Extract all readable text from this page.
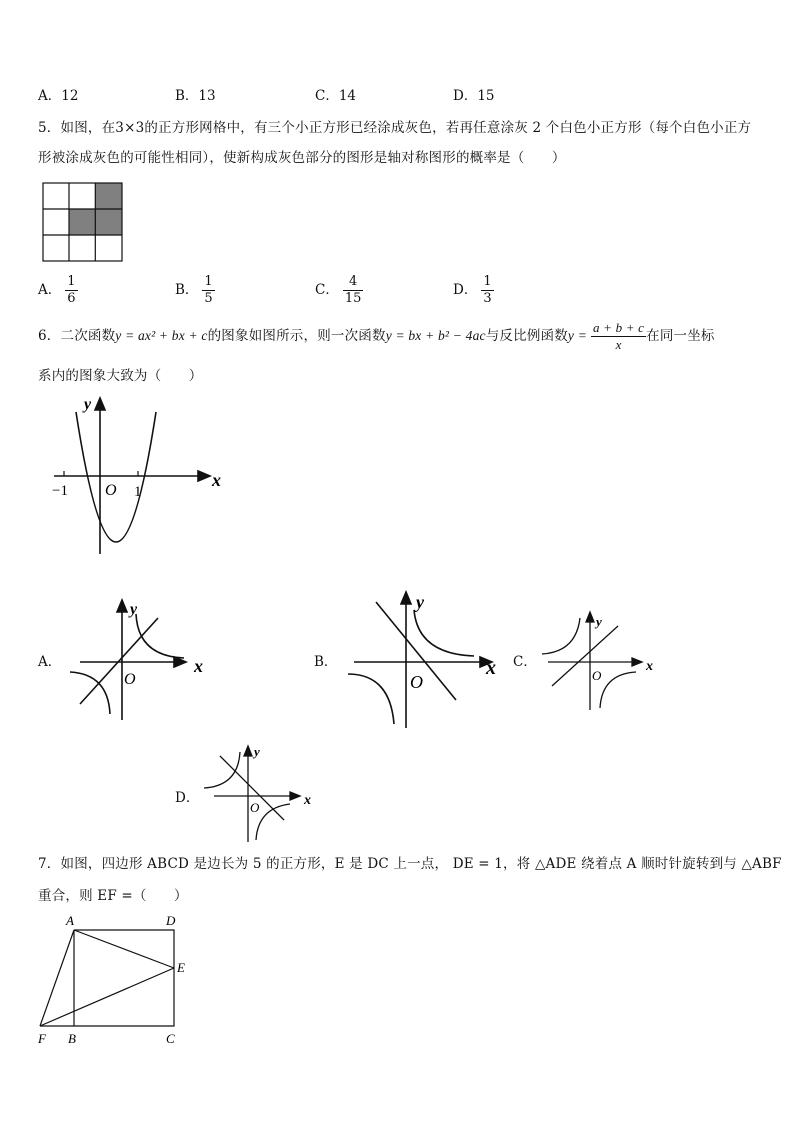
A．12	B．13	C．14	D．15
5．如图，在3×3的正方形网格中，有三个小正方形已经涂成灰色，若再任意涂灰 2 个白色小正方形（每个白色小正方
形被涂成灰色的可能性相同），使新构成灰色部分的图形是轴对称图形的概率是（　　）
A． $\frac{1}{6}$	B． $\frac{1}{5}$	C． $\frac{4}{15}$	D． $\frac{1}{3}$
6．二次函数y = ax² + bx + c的图象如图所示，则一次函数y = bx + b² − 4ac与反比例函数$y = \frac{a + b + c}{x}$ 在同一坐标
系内的图象大致为（　　）
y
x
O
−1	1
A．	B．	C．
D．
y
x
O
y
x
O
y
x
O
y
x
O
7．如图，四边形 ABCD 是边长为 5 的正方形，E 是 DC 上一点， DE = 1，将 △ADE 绕着点 A 顺时针旋转到与 △ABF
重合，则 EF =（　　）
A	D
E
F B	C
